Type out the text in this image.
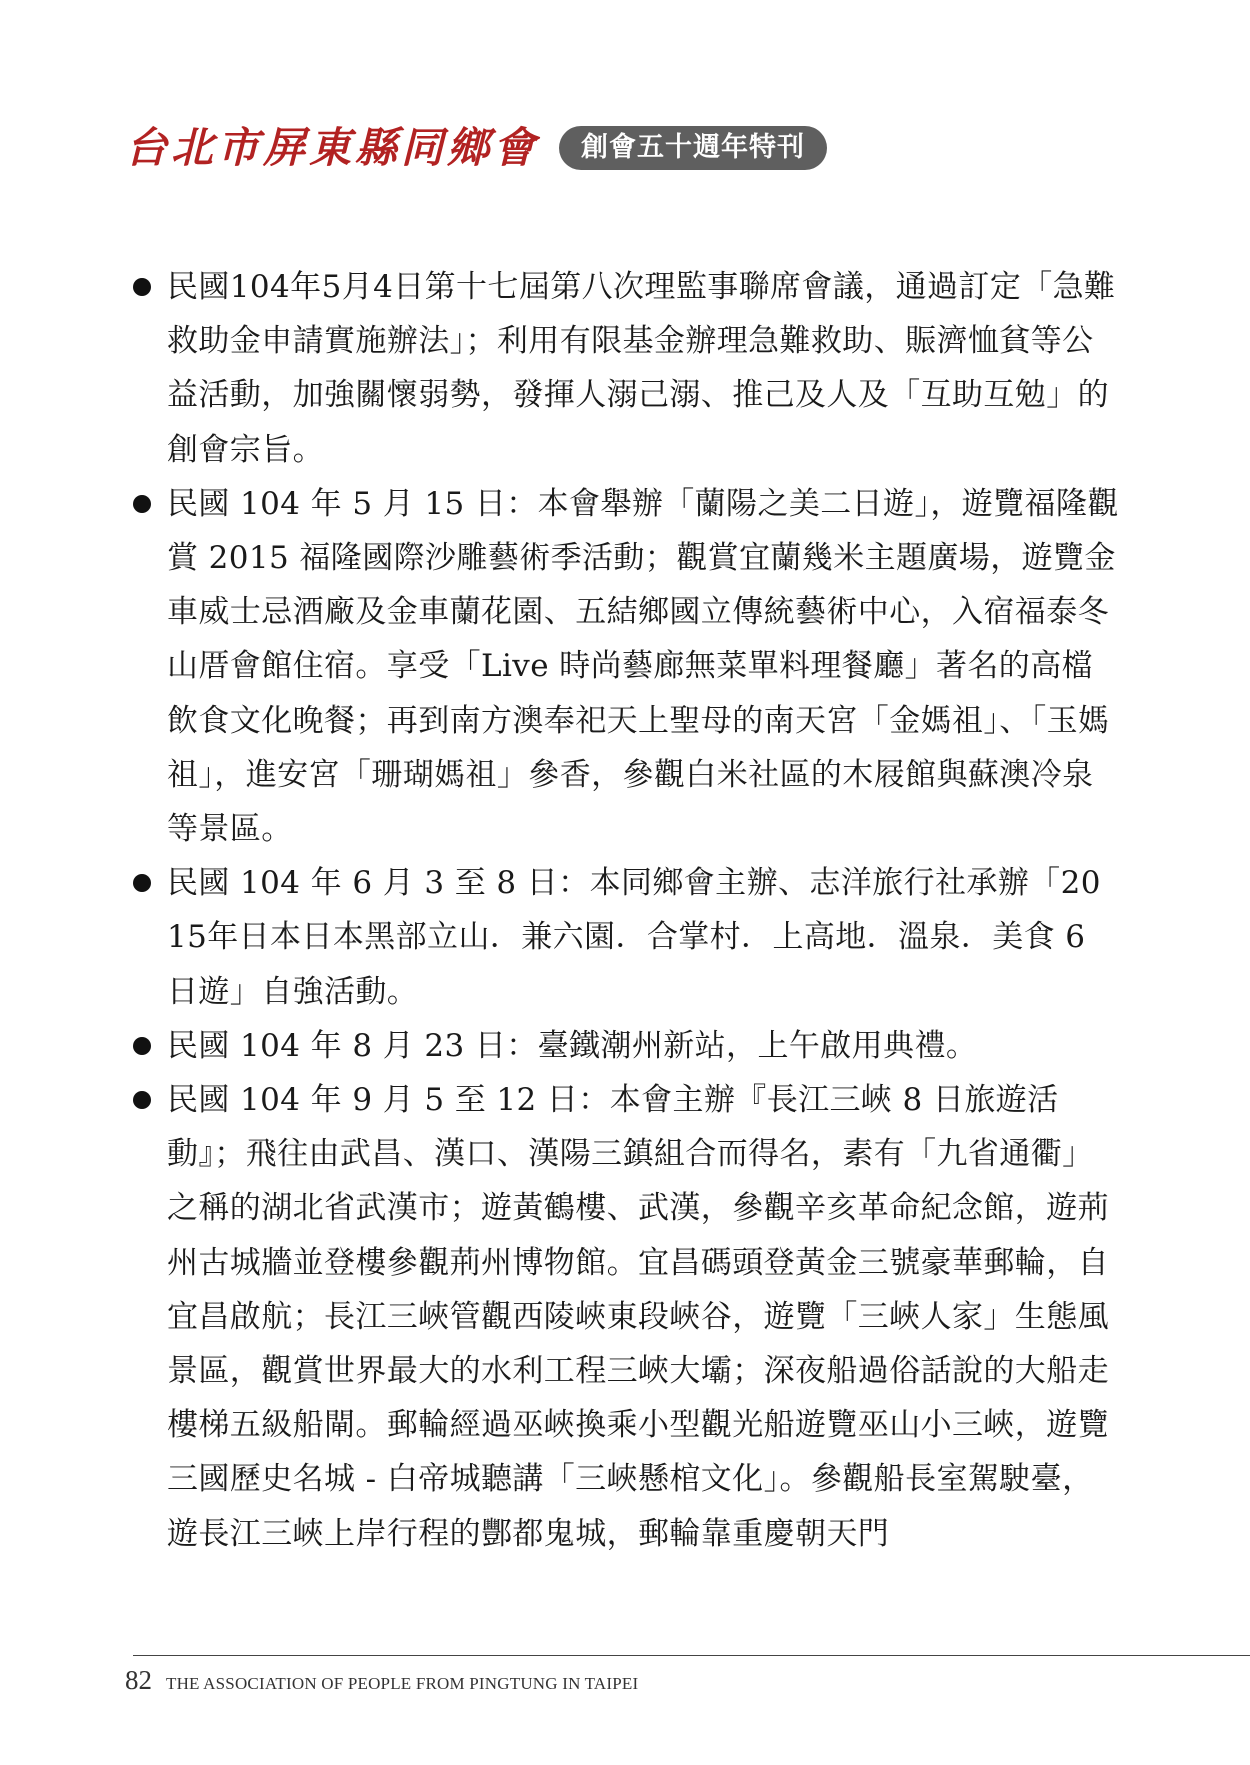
台北市屏東縣同鄉會	創會五十週年特刊
民國104年5月4日第十七屆第八次理監事聯席會議，通過訂定「急難救助金申請實施辦法」；利用有限基金辦理急難救助、賑濟恤貧等公益活動，加強關懷弱勢，發揮人溺己溺、推己及人及「互助互勉」的創會宗旨。
民國 104 年 5 月 15 日：本會舉辦「蘭陽之美二日遊」，遊覽福隆觀賞 2015 福隆國際沙雕藝術季活動；觀賞宜蘭幾米主題廣場，遊覽金車威士忌酒廠及金車蘭花園、五結鄉國立傳統藝術中心，入宿福泰冬山厝會館住宿。享受「Live 時尚藝廊無菜單料理餐廳」著名的高檔飲食文化晚餐；再到南方澳奉祀天上聖母的南天宮「金媽祖」、「玉媽祖」，進安宮「珊瑚媽祖」參香，參觀白米社區的木屐館與蘇澳冷泉等景區。
民國 104 年 6 月 3 至 8 日：本同鄉會主辦、志洋旅行社承辦「2015年日本日本黑部立山．兼六園．合掌村．上高地．溫泉．美食 6 日遊」自強活動。
民國 104 年 8 月 23 日：臺鐵潮州新站，上午啟用典禮。
民國 104 年 9 月 5 至 12 日：本會主辦『長江三峽 8 日旅遊活動』；飛往由武昌、漢口、漢陽三鎮組合而得名，素有「九省通衢」之稱的湖北省武漢市；遊黃鶴樓、武漢，參觀辛亥革命紀念館，遊荊州古城牆並登樓參觀荊州博物館。宜昌碼頭登黃金三號豪華郵輪，自宜昌啟航；長江三峽管觀西陵峽東段峽谷，遊覽「三峽人家」生態風景區，觀賞世界最大的水利工程三峽大壩；深夜船過俗話說的大船走樓梯五級船閘。郵輪經過巫峽換乘小型觀光船遊覽巫山小三峽，遊覽三國歷史名城 - 白帝城聽講「三峽懸棺文化」。參觀船長室駕駛臺，遊長江三峽上岸行程的酆都鬼城，郵輪靠重慶朝天門
82 THE ASSOCIATION OF PEOPLE FROM PINGTUNG IN TAIPEI
